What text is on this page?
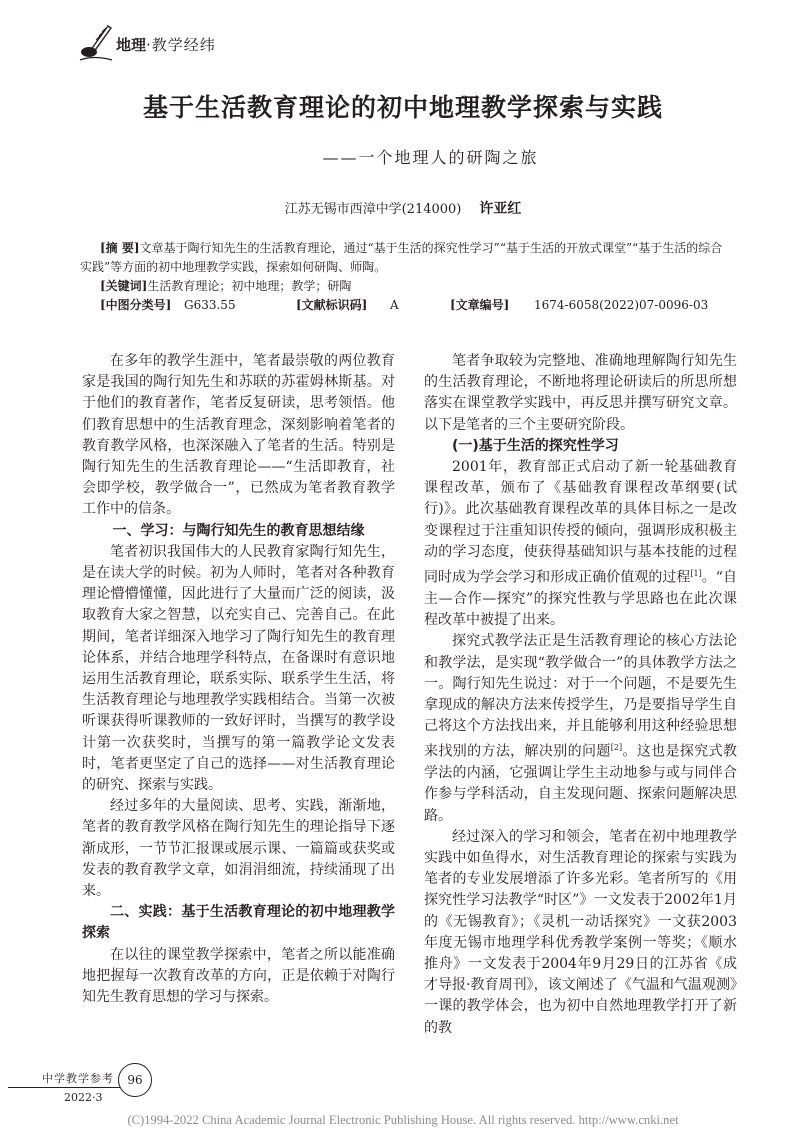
地理·教学经纬
基于生活教育理论的初中地理教学探索与实践
——一个地理人的研陶之旅
江苏无锡市西漳中学(214000) 许亚红
[摘 要]文章基于陶行知先生的生活教育理论，通过“基于生活的探究性学习”“基于生活的开放式课堂”“基于生活的综合实践”等方面的初中地理教学实践，探索如何研陶、师陶。
[关键词]生活教育理论；初中地理；教学；研陶
[中图分类号] G633.55	[文献标识码] A	[文章编号] 1674-6058(2022)07-0096-03

在多年的教学生涯中，笔者最崇敬的两位教育家是我国的陶行知先生和苏联的苏霍姆林斯基。对于他们的教育著作，笔者反复研读，思考领悟。他们教育思想中的生活教育理念，深刻影响着笔者的教育教学风格，也深深融入了笔者的生活。特别是陶行知先生的生活教育理论——“生活即教育，社会即学校，教学做合一”，已然成为笔者教育教学工作中的信条。

一、学习：与陶行知先生的教育思想结缘

笔者初识我国伟大的人民教育家陶行知先生，是在读大学的时候。初为人师时，笔者对各种教育理论懵懵懂懂，因此进行了大量而广泛的阅读，汲取教育大家之智慧，以充实自己、完善自己。在此期间，笔者详细深入地学习了陶行知先生的教育理论体系，并结合地理学科特点，在备课时有意识地运用生活教育理论，联系实际、联系学生生活，将生活教育理论与地理教学实践相结合。当第一次被听课获得听课教师的一致好评时，当撰写的教学设计第一次获奖时，当撰写的第一篇教学论文发表时，笔者更坚定了自己的选择——对生活教育理论的研究、探索与实践。

经过多年的大量阅读、思考、实践，渐渐地，笔者的教育教学风格在陶行知先生的理论指导下逐渐成形，一节节汇报课或展示课、一篇篇或获奖或发表的教育教学文章，如涓涓细流，持续涌现了出来。

二、实践：基于生活教育理论的初中地理教学探索

在以往的课堂教学探索中，笔者之所以能准确地把握每一次教育改革的方向，正是依赖于对陶行知先生教育思想的学习与探索。

笔者争取较为完整地、准确地理解陶行知先生的生活教育理论，不断地将理论研读后的所思所想落实在课堂教学实践中，再反思并撰写研究文章。以下是笔者的三个主要研究阶段。

(一)基于生活的探究性学习

2001年，教育部正式启动了新一轮基础教育课程改革，颁布了《基础教育课程改革纲要(试行)》。此次基础教育课程改革的具体目标之一是改变课程过于注重知识传授的倾向，强调形成积极主动的学习态度，使获得基础知识与基本技能的过程同时成为学会学习和形成正确价值观的过程[1]。“自主—合作—探究”的探究性教与学思路也在此次课程改革中被提了出来。

探究式教学法正是生活教育理论的核心方法论和教学法，是实现“教学做合一”的具体教学方法之一。陶行知先生说过：对于一个问题，不是要先生拿现成的解决方法来传授学生，乃是要指导学生自己将这个方法找出来，并且能够利用这种经验思想来找别的方法，解决别的问题[2]。这也是探究式教学法的内涵，它强调让学生主动地参与或与同伴合作参与学科活动，自主发现问题、探索问题解决思路。

经过深入的学习和领会，笔者在初中地理教学实践中如鱼得水，对生活教育理论的探索与实践为笔者的专业发展增添了许多光彩。笔者所写的《用探究性学习法教学“时区”》一文发表于2002年1月的《无锡教育》；《灵机一动话探究》一文获2003年度无锡市地理学科优秀教学案例一等奖；《顺水推舟》一文发表于2004年9月29日的江苏省《成才导报·教育周刊》，该文阐述了《气温和气温观测》一课的教学体会，也为初中自然地理教学打开了新的教

中学教学参考
2022·3
96
(C)1994-2022 China Academic Journal Electronic Publishing House. All rights reserved. http://www.cnki.net
